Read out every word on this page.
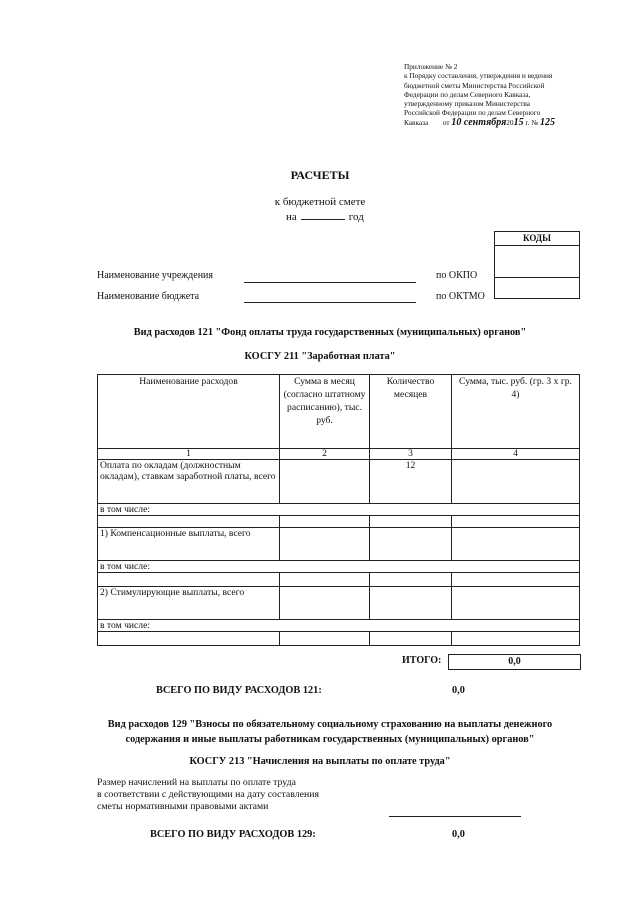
Приложение № 2
к Порядку составления, утверждения и ведения
бюджетной сметы Министерства Российской
Федерации по делам Северного Кавказа,
утвержденному приказом Министерства
Российской Федерации по делам Северного
Кавказа от 10 сентября2015 г. № 125
РАСЧЕТЫ
к бюджетной смете
на	год
КОДЫ
Наименование учреждения	по ОКПО
Наименование бюджета	по ОКТМО
Вид расходов 121 "Фонд оплаты труда государственных (муниципальных) органов"
КОСГУ 211 "Заработная плата"
Наименование расходов	Сумма в месяц (согласно штатному расписанию), тыс. руб.	Количество месяцев	Сумма, тыс. руб. (гр. 3 х гр. 4)
1	2	3	4
Оплата по окладам (должностным окладам), ставкам заработной платы, всего		12	
в том числе:			

1) Компенсационные выплаты, всего			
в том числе:			

2) Стимулирующие выплаты, всего			
в том числе:			

ИТОГО:	0,0
ВСЕГО ПО ВИДУ РАСХОДОВ 121:	0,0
Вид расходов 129 "Взносы по обязательному социальному страхованию на выплаты денежного
содержания и иные выплаты работникам государственных (муниципальных) органов"
КОСГУ 213 "Начисления на выплаты по оплате труда"
Размер начислений на выплаты по оплате труда
в соответствии с действующими на дату составления
сметы нормативными правовыми актами
ВСЕГО ПО ВИДУ РАСХОДОВ 129:	0,0
